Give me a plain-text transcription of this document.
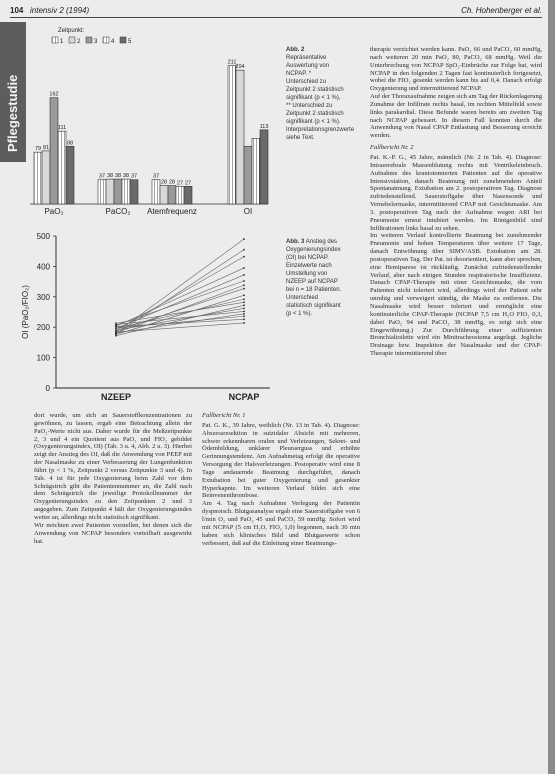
104 intensiv 2 (1994)	Ch. Hohenberger et al.
Pflegestudie	79 81
162
111
88
PaO₂
37 38 38 38 37
PaCO₂
37
28 28 27 27
Atemfrequenz
211
204
113
OI
Zeitpunkt:
1 2 3 4 5
Abb. 2 Repräsentative Auswertung von NCPAP. * Unterschied zu Zeitpunkt 2 statistisch signifikant (p < 1 %), ** Unterschied zu Zeitpunkt 2 statistisch signifikant (p < 1 %). Interpretationsgrenzwerte siehe Text.
0
100
200
300
400
500
OI (PaO₂/FIO₂)
NZEEP	NCPAP
Abb. 3 Anstieg des Oxygenierungsindex (OI) bei NCPAP. Einzelwerte nach Umstellung von NZEEP auf NCPAP bei n = 18 Patienten. Unterschied statistisch signifikant (p < 1 %).

therapie verzichtet werden kann. PaO₂ 66 und PaCO₂ 60 mmHg, nach weiteren 20 min PaO₂ 80, PaCO₂ 68 mmHg. Weil die Unterbrechung von NCPAP SpO₂-Einbrüche zur Folge hat, wird NCPAP in den folgenden 2 Tagen fast kontinuierlich fortgesetzt, wobei die FIO₂ gesenkt werden kann bis auf 0,4. Danach erfolgt Oxygenierung und intermittierend NCPAP.

Auf der Thoraxaufnahme zeigen sich am Tag der Rückenlagerung Zunahme der Infiltrate rechts basal, im rechten Mittelfeld sowie links parakardial. Diese Befunde waren bereits am zweiten Tag nach NCPAP gebessert. In diesem Fall konnten durch die Anwendung von Nasal CPAP Entlastung und Besserung erreicht werden.

Fallbericht Nr. 2

Pat. K.-P. G., 45 Jahre, männlich (Nr. 2 in Tab. 4). Diagnose: Intrazerebrale Massenblutung rechts mit Ventrikeleinbruch. Aufnahme des kraniotomierten Patienten auf die operative Intensivstation, danach Beatmung mit zunehmendem Anteil Spontanatmung. Extubation am 2. postoperativen Tag. Diagnose zufriedenstellend. Sauerstoffgabe über Nasensonde und Vernebelermaske, intermittierend CPAP mit Gesichtsmaske. Am 3. postoperativen Tag nach der Aufnahme wegen ARI bei Pneumonie erneut intubiert werden. Im Röntgenbild sind Infiltrationen links basal zu sehen.

Im weiteren Verlauf kontrollierte Beatmung bei zunehmender Pneumonie und hohen Temperaturen über weitere 17 Tage, danach Entwöhnung über SIMV/ASB. Extubation am 28. postoperativen Tag. Der Pat. ist desorientiert, kann aber sprechen, eine Hemiparese ist rückläufig. Zunächst zufriedenstellender Verlauf, aber nach einigen Stunden respiratorische Insuffizienz. Danach CPAP-Therapie mit einer Gesichtsmaske, die vom Patienten nicht toleriert wird, allerdings wird der Patient sehr unruhig und verweigert ständig, die Maske zu entfernen. Die Nasalmaske wird besser toleriert und ermöglicht eine kontinuierliche CPAP-Therapie (NCPAP 7,5 cm H₂O FIO₂ 0,3, dabei PaO₂ 94 und PaCO₂ 38 mmHg, es zeigt sich eine Eingewöhnung.) Zur Durchführung einer suffizienten Bronchialtoilette wird ein Minitracheostoma angelegt. Jegliche Drainage bzw. Inspektion der Nasalmaske und der CPAP-Therapie intermittierend über

dort wurde, um sich an Sauerstoffkonzentrationen zu gewöhnen, zu lassen, ergab eine Betrachtung allein der PaO₂-Werte nicht aus. Daher wurde für die Meßzeitpunkte 2, 3 und 4 ein Quotient aus PaO₂ und FIO₂ gebildet (Oxygenierungsindex, OI) (Tab. 3 u. 4, Abb. 2 u. 3). Hierbei zeigt der Anstieg des OI, daß die Anwendung von PEEP mit der Nasalmaske zu einer Verbesserung der Lungenfunktion führt (p < 1 %, Zeitpunkt 2 versus Zeitpunkte 3 und 4). In Tab. 4 ist für jede Oxygenierung beim Zahl vor dem Schrägstrich gibt die Patientennummer an, die Zahl nach dem Schrägstrich die jeweilige Protokollnummer der Oxygenierungsindex zu den Zeitpunkten 2 und 3 angegeben. Zum Zeitpunkt 4 hält der Oxygenierungsindex weiter an, allerdings nicht statistisch signifikant.

Wir möchten zwei Patienten vorstellen, bei denen sich die Anwendung von NCPAP besonders vorteilhaft ausgewirkt hat.

Fallbericht Nr. 1

Pat. G. K., 39 Jahre, weiblich (Nr. 13 in Tab. 4). Diagnose: Abszessresektion in suizidaler Absicht mit mehreren, schwer erkennbaren oralen und Verletzungen, Sekret- und Ödembildung, unklarer Pleuraerguss und erhöhte Gerinnungstendenz. Am Aufnahmetag erfolgt die operative Versorgung der Halsverletzungen. Postoperativ wird eine 8 Tage andauernde Beatmung durchgeführt, danach Extubation bei guter Oxygenierung und gesenkter Hyperkapnie. Im weiteren Verlauf bildet sich eine Beinvenenthrombose.

Am 4. Tag nach Aufnahme Verlegung der Patientin dyspnoisch. Blutgasanalyse ergab eine Sauerstoffgabe von 6 l/min O₂ und PaO₂ 45 und PaCO₂ 59 mmHg. Sofort wird mit NCPAP (5 cm H₂O, FIO₂ 1,0) begonnen, nach 30 min haben sich klinisches Bild und Blutgaswerte schon verbessert, daß auf die Einleitung einer Beatmungs-
